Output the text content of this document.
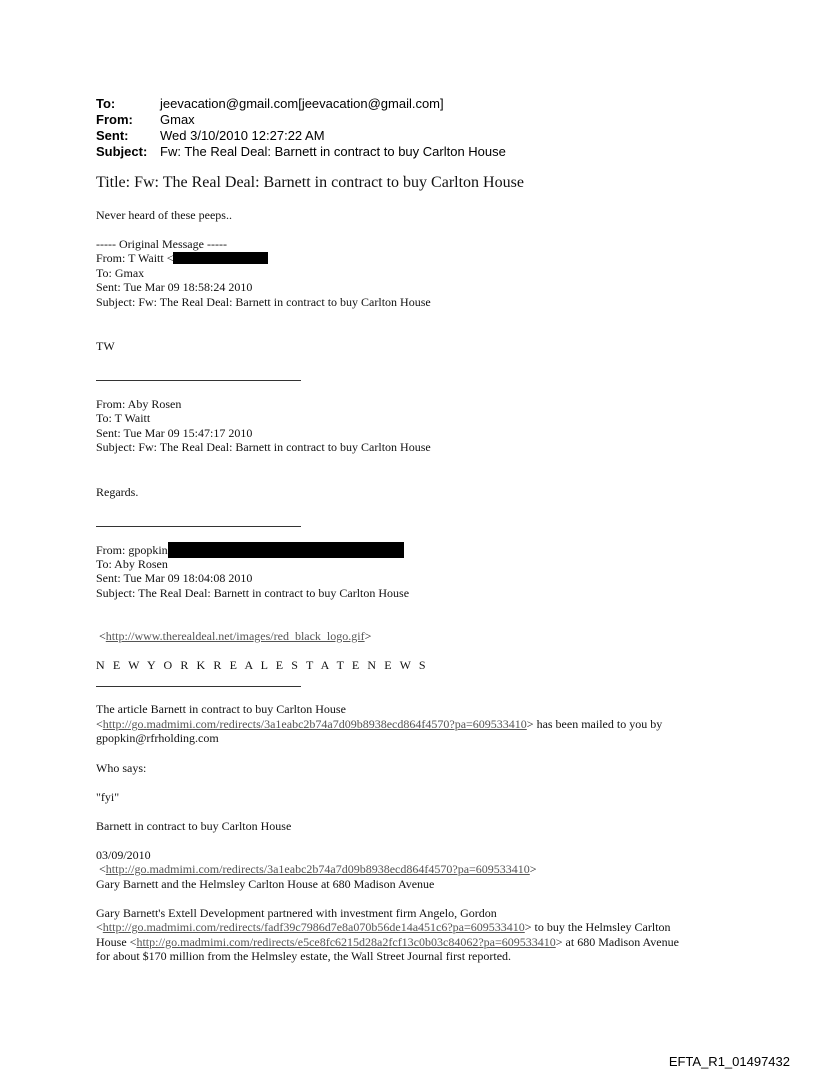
To:	jeevacation@gmail.com[jeevacation@gmail.com]
From: Gmax
Sent: Wed 3/10/2010 12:27:22 AM
Subject: Fw: The Real Deal: Barnett in contract to buy Carlton House
Title: Fw: The Real Deal: Barnett in contract to buy Carlton House
Never heard of these peeps..
----- Original Message -----
From: T Waitt <
To: Gmax
Sent: Tue Mar 09 18:58:24 2010
Subject: Fw: The Real Deal: Barnett in contract to buy Carlton House
TW
From: Aby Rosen
To: T Waitt
Sent: Tue Mar 09 15:47:17 2010
Subject: Fw: The Real Deal: Barnett in contract to buy Carlton House
Regards.
From: gpopkin
To: Aby Rosen
Sent: Tue Mar 09 18:04:08 2010
Subject: The Real Deal: Barnett in contract to buy Carlton House
<http://www.therealdeal.net/images/red_black_logo.gif>
N E W Y O R K R E A L E S T A T E N E W S
The article Barnett in contract to buy Carlton House
<http://go.madmimi.com/redirects/3a1eabc2b74a7d09b8938ecd864f4570?pa=609533410> has been mailed to you by
gpopkin@rfrholding.com
Who says:
"fyi"
Barnett in contract to buy Carlton House
03/09/2010
<http://go.madmimi.com/redirects/3a1eabc2b74a7d09b8938ecd864f4570?pa=609533410>
Gary Barnett and the Helmsley Carlton House at 680 Madison Avenue
Gary Barnett's Extell Development partnered with investment firm Angelo, Gordon
<http://go.madmimi.com/redirects/fadf39c7986d7e8a070b56de14a451c6?pa=609533410> to buy the Helmsley Carlton
House <http://go.madmimi.com/redirects/e5ce8fc6215d28a2fcf13c0b03c84062?pa=609533410> at 680 Madison Avenue
for about $170 million from the Helmsley estate, the Wall Street Journal first reported.
EFTA_R1_01497432
